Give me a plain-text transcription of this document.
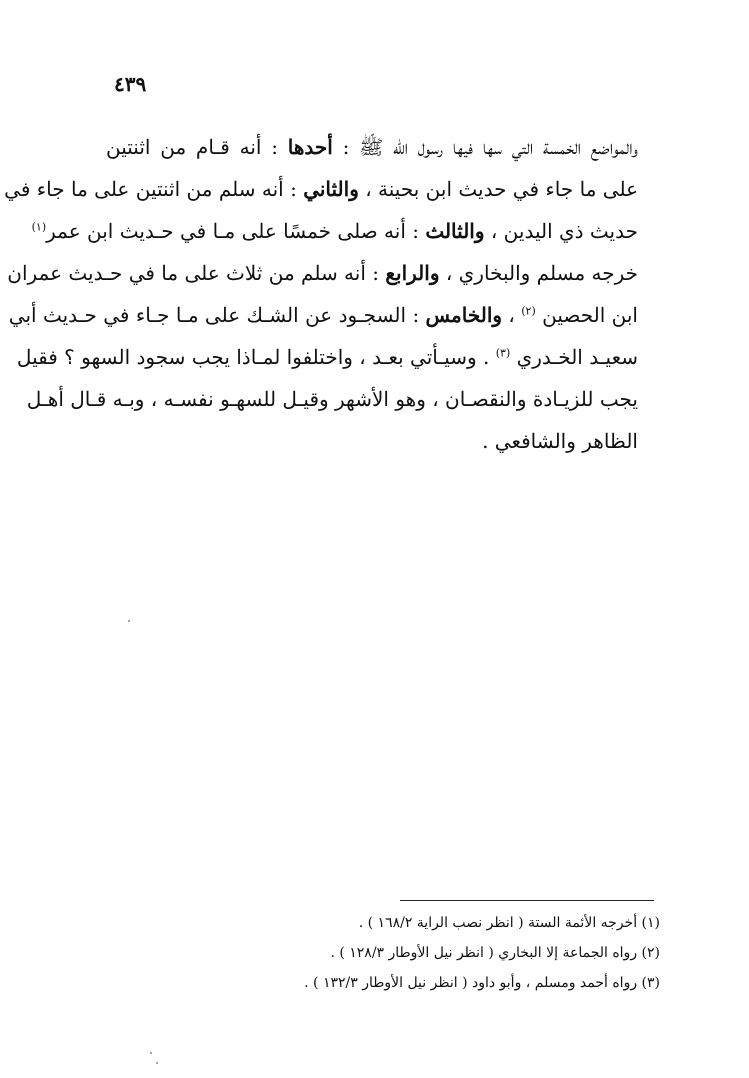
٤٣٩
والمواضع الخمسة التي سها فيها رسول الله ﷺ : أحدها : أنه قـام من اثنتين
على ما جاء في حديث ابن بحينة ، والثاني : أنه سلم من اثنتين على ما جاء في
حديث ذي اليدين ، والثالث : أنه صلى خمسًا على مـا في حـديث ابن عمر$^{(١)}$
خرجه مسلم والبخاري ، والرابع : أنه سلم من ثلاث على ما في حـديث عمران
ابن الحصين $^{(٢)}$ ، والخامس : السجـود عن الشـك على مـا جـاء في حـديث أبي
سعيـد الخـدري $^{(٣)}$ . وسيـأتي بعـد ، واختلفوا لمـاذا يجب سجود السهو ؟ فقيل
يجب للزيـادة والنقصـان ، وهو الأشهر وقيـل للسهـو نفسـه ، وبـه قـال أهـل
الظاهر والشافعي .
(١) أخرجه الأئمة الستة ( انظر نصب الراية ١٦٨/٢ ) .
(٢) رواه الجماعة إلا البخاري ( انظر نيل الأوطار ١٢٨/٣ ) .
(٣) رواه أحمد ومسلم ، وأبو داود ( انظر نيل الأوطار ١٣٢/٣ ) .
